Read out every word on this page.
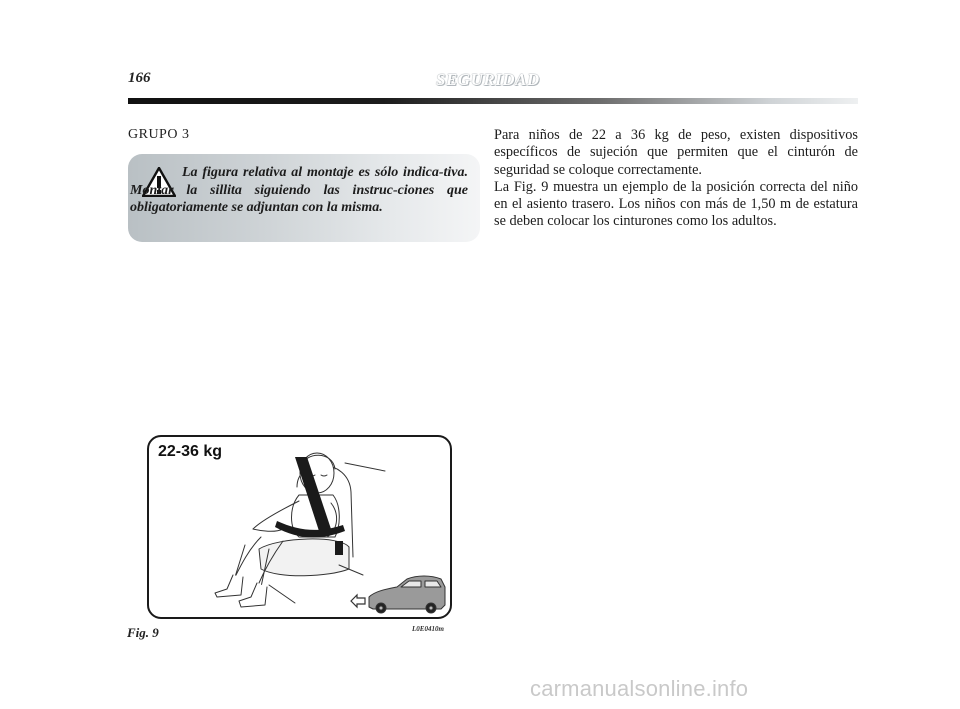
166	SEGURIDAD
GRUPO 3
La figura relativa al montaje es sólo indica-tiva. Montar la sillita siguiendo las instruc-ciones que obligatoriamente se adjuntan con la misma.

Para niños de 22 a 36 kg de peso, existen dispositivos específicos de sujeción que permiten que el cinturón de seguridad se coloque correctamente.

La Fig. 9 muestra un ejemplo de la posición correcta del niño en el asiento trasero. Los niños con más de 1,50 m de estatura se deben colocar los cinturones como los adultos.

22-36 kg
Fig. 9	L0E0410m
carmanualsonline.info
